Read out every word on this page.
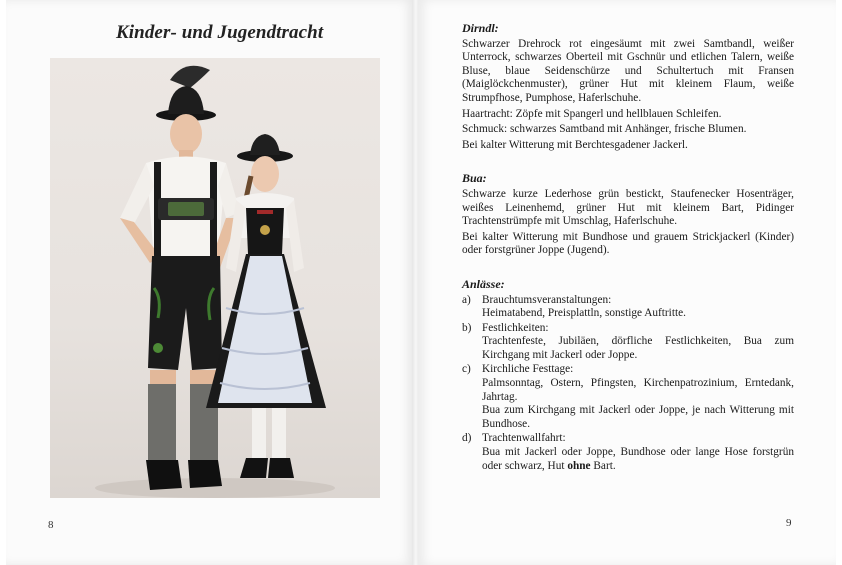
Kinder- und Jugendtracht
8
Dirndl:
Schwarzer Drehrock rot eingesäumt mit zwei Samtbandl, weißer Unterrock, schwarzes Oberteil mit Gschnür und etlichen Talern, weiße Bluse, blaue Seidenschürze und Schultertuch mit Fransen (Maiglöckchenmuster), grüner Hut mit kleinem Flaum, weiße Strumpfhose, Pumphose, Haferlschuhe.
Haartracht: Zöpfe mit Spangerl und hellblauen Schleifen.
Schmuck: schwarzes Samtband mit Anhänger, frische Blumen.
Bei kalter Witterung mit Berchtesgadener Jackerl.
Bua:
Schwarze kurze Lederhose grün bestickt, Staufenecker Hosenträger, weißes Leinenhemd, grüner Hut mit kleinem Bart, Pidinger Trachtenstrümpfe mit Umschlag, Haferlschuhe.
Bei kalter Witterung mit Bundhose und grauem Strickjackerl (Kinder) oder forstgrüner Joppe (Jugend).
Anlässe:
a) Brauchtumsveranstaltungen:
Heimatabend, Preisplattln, sonstige Auftritte.
b) Festlichkeiten:
Trachtenfeste, Jubiläen, dörfliche Festlichkeiten, Bua zum Kirchgang mit Jackerl oder Joppe.
c) Kirchliche Festtage:
Palmsonntag, Ostern, Pfingsten, Kirchenpatrozinium, Erntedank, Jahrtag.
Bua zum Kirchgang mit Jackerl oder Joppe, je nach Witterung mit Bundhose.
d) Trachtenwallfahrt:
Bua mit Jackerl oder Joppe, Bundhose oder lange Hose forstgrün oder schwarz, Hut ohne Bart.
9
